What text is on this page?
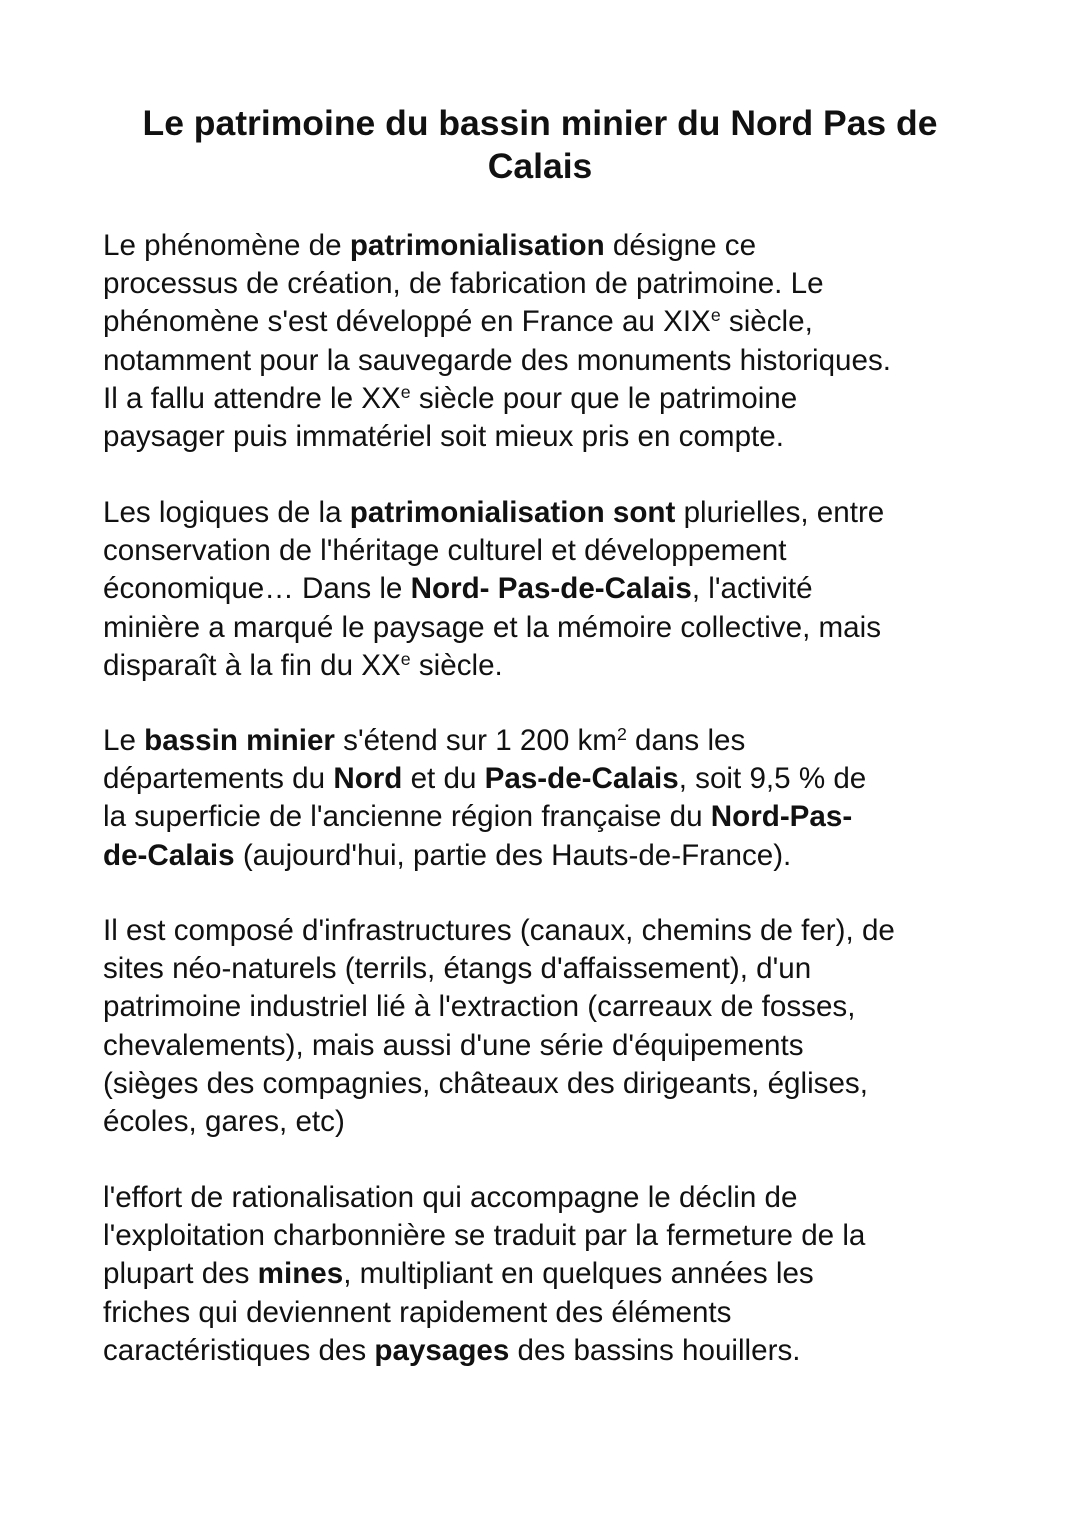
Le patrimoine du bassin minier du Nord Pas de Calais

Le phénomène de patrimonialisation désigne ce
processus de création, de fabrication de patrimoine. Le
phénomène s'est développé en France au XIXe siècle,
notamment pour la sauvegarde des monuments historiques.
Il a fallu attendre le XXe siècle pour que le patrimoine
paysager puis immatériel soit mieux pris en compte.

Les logiques de la patrimonialisation sont plurielles, entre
conservation de l'héritage culturel et développement
économique… Dans le Nord- Pas-de-Calais, l'activité
minière a marqué le paysage et la mémoire collective, mais
disparaît à la fin du XXe siècle.

Le bassin minier s'étend sur 1 200 $km^2$ dans les
départements du Nord et du Pas-de-Calais, soit 9,5 % de
la superficie de l'ancienne région française du Nord-Pas-
de-Calais (aujourd'hui, partie des Hauts-de-France).

Il est composé d'infrastructures (canaux, chemins de fer), de
sites néo-naturels (terrils, étangs d'affaissement), d'un
patrimoine industriel lié à l'extraction (carreaux de fosses,
chevalements), mais aussi d'une série d'équipements
(sièges des compagnies, châteaux des dirigeants, églises,
écoles, gares, etc)

l'effort de rationalisation qui accompagne le déclin de
l'exploitation charbonnière se traduit par la fermeture de la
plupart des mines, multipliant en quelques années les
friches qui deviennent rapidement des éléments
caractéristiques des paysages des bassins houillers.
